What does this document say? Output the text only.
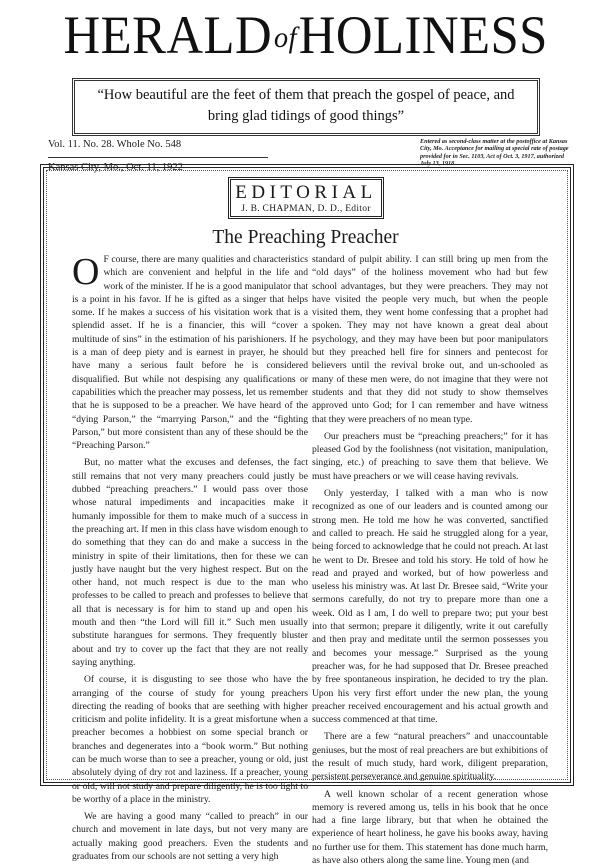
HERALDofHOLINESS
“How beautiful are the feet of them that preach the gospel of peace, and
bring glad tidings of good things”
Vol. 11. No. 28. Whole No. 548
Kansas City, Mo., Oct. 11, 1922
Entered as second-class matter at the postoffice at Kansas City, Mo. Acceptance for mailing at special rate of postage provided for in Sec. 1103, Act of Oct. 3, 1917, authorized July 13, 1918.
EDITORIAL
J. B. CHAPMAN, D. D., Editor
The Preaching Preacher

O F course, there are many qualities and characteristics which are convenient and helpful in the life and work of the minister. If he is a good manipulator that is a point in his favor. If he is gifted as a singer that helps some. If he makes a success of his visitation work that is a splendid asset. If he is a financier, this will “cover a multitude of sins” in the estimation of his parishioners. If he is a man of deep piety and is earnest in prayer, he should have many a serious fault before he is considered disqualified. But while not despising any qualifications or capabilities which the preacher may possess, let us remember that he is supposed to be a preacher. We have heard of the “dying Parson,” the “marrying Parson,” and the “fighting Parson,” but more consistent than any of these should be the “Preaching Parson.”

But, no matter what the excuses and defenses, the fact still remains that not very many preachers could justly be dubbed “preaching preachers.” I would pass over those whose natural impediments and incapacities make it humanly impossible for them to make much of a success in the preaching art. If men in this class have wisdom enough to do something that they can do and make a success in the ministry in spite of their limitations, then for these we can justly have naught but the very highest respect. But on the other hand, not much respect is due to the man who professes to be called to preach and professes to believe that all that is necessary is for him to stand up and open his mouth and then “the Lord will fill it.” Such men usually substitute harangues for sermons. They frequently bluster about and try to cover up the fact that they are not really saying anything.

Of course, it is disgusting to see those who have the arranging of the course of study for young preachers directing the reading of books that are seething with higher criticism and polite infidelity. It is a great misfortune when a preacher becomes a hobbiest on some special branch or branches and degenerates into a “book worm.” But nothing can be much worse than to see a preacher, young or old, just absolutely dying of dry rot and laziness. If a preacher, young or old, will not study and prepare diligently, he is too light to be worthy of a place in the ministry.

We are having a good many “called to preach” in our church and movement in late days, but not very many are actually making good preachers. Even the students and graduates from our schools are not setting a very high

standard of pulpit ability. I can still bring up men from the “old days” of the holiness movement who had but few school advantages, but they were preachers. They may not have visited the people very much, but when the people visited them, they went home confessing that a prophet had spoken. They may not have known a great deal about psychology, and they may have been but poor manipulators but they preached hell fire for sinners and pentecost for believers until the revival broke out, and un-schooled as many of these men were, do not imagine that they were not students and that they did not study to show themselves approved unto God; for I can remember and have witness that they were preachers of no mean type.

Our preachers must be “preaching preachers;” for it has pleased God by the foolishness (not visitation, manipulation, singing, etc.) of preaching to save them that believe. We must have preachers or we will cease having revivals.

Only yesterday, I talked with a man who is now recognized as one of our leaders and is counted among our strong men. He told me how he was converted, sanctified and called to preach. He said he struggled along for a year, being forced to acknowledge that he could not preach. At last he went to Dr. Bresee and told his story. He told of how he read and prayed and worked, but of how powerless and useless his ministry was. At last Dr. Bresee said, “Write your sermons carefully, do not try to prepare more than one a week. Old as I am, I do well to prepare two; put your best into that sermon; prepare it diligently, write it out carefully and then pray and meditate until the sermon possesses you and becomes your message.” Surprised as the young preacher was, for he had supposed that Dr. Bresee preached by free spontaneous inspiration, he decided to try the plan. Upon his very first effort under the new plan, the young preacher received encouragement and his actual growth and success commenced at that time.

There are a few “natural preachers” and unaccountable geniuses, but the most of real preachers are but exhibitions of the result of much study, hard work, diligent preparation, persistent perseverance and genuine spirituality.

A well known scholar of a recent generation whose memory is revered among us, tells in his book that he once had a fine large library, but that when he obtained the experience of heart holiness, he gave his books away, having no further use for them. This statement has done much harm, as have also others along the same line. Young men (and
